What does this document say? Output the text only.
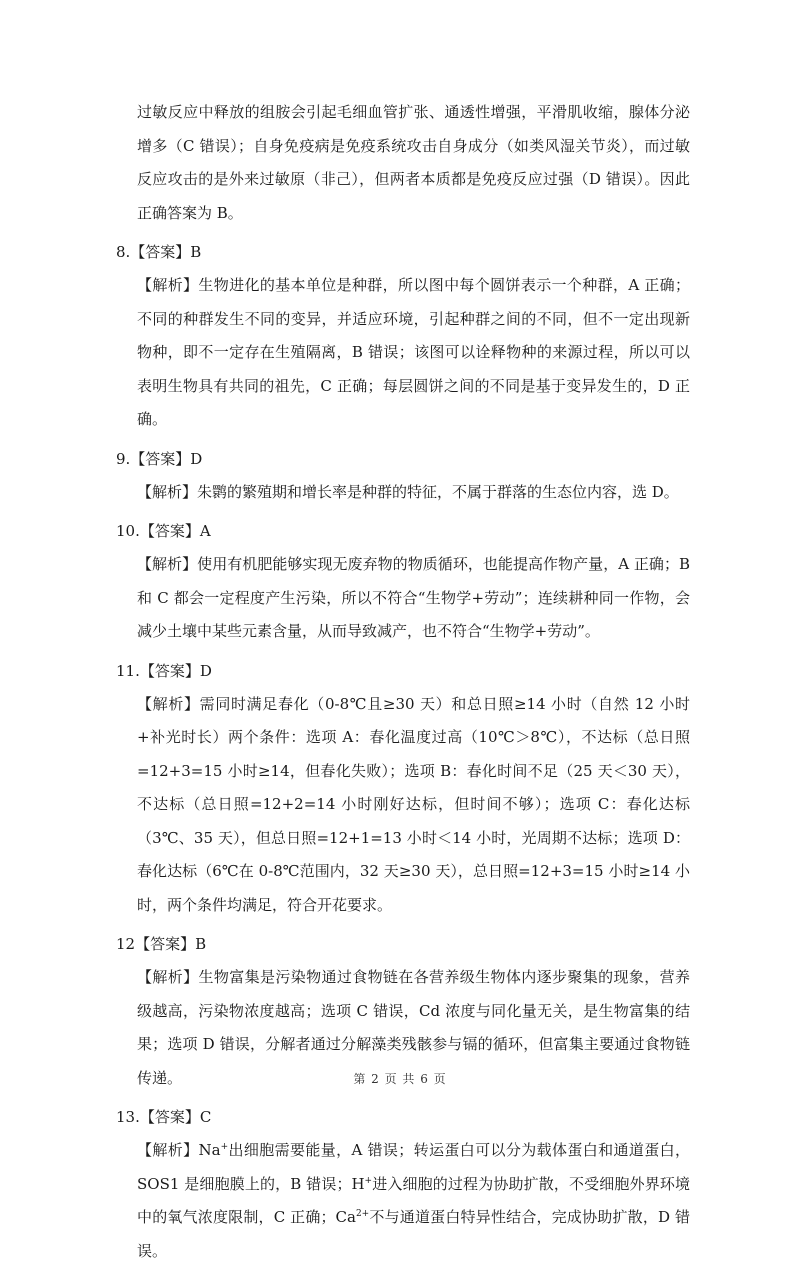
过敏反应中释放的组胺会引起毛细血管扩张、通透性增强，平滑肌收缩，腺体分泌增多（C 错误）；自身免疫病是免疫系统攻击自身成分（如类风湿关节炎），而过敏反应攻击的是外来过敏原（非己），但两者本质都是免疫反应过强（D 错误）。因此正确答案为 B。

8.【答案】B

【解析】生物进化的基本单位是种群，所以图中每个圆饼表示一个种群，A 正确；不同的种群发生不同的变异，并适应环境，引起种群之间的不同，但不一定出现新物种，即不一定存在生殖隔离，B 错误；该图可以诠释物种的来源过程，所以可以表明生物具有共同的祖先，C 正确；每层圆饼之间的不同是基于变异发生的，D 正确。

9.【答案】D

【解析】朱鹮的繁殖期和增长率是种群的特征，不属于群落的生态位内容，选 D。

10.【答案】A

【解析】使用有机肥能够实现无废弃物的物质循环，也能提高作物产量，A 正确；B 和 C 都会一定程度产生污染，所以不符合“生物学+劳动”；连续耕种同一作物，会减少土壤中某些元素含量，从而导致减产，也不符合“生物学+劳动”。

11.【答案】D

【解析】需同时满足春化（0-8℃且≥30 天）和总日照≥14 小时（自然 12 小时+补光时长）两个条件：选项 A：春化温度过高（10℃＞8℃），不达标（总日照=12+3=15 小时≥14，但春化失败）；选项 B：春化时间不足（25 天＜30 天），不达标（总日照=12+2=14 小时刚好达标，但时间不够）；选项 C：春化达标（3℃、35 天），但总日照=12+1=13 小时＜14 小时，光周期不达标；选项 D：春化达标（6℃在 0-8℃范围内，32 天≥30 天），总日照=12+3=15 小时≥14 小时，两个条件均满足，符合开花要求。

12【答案】B

【解析】生物富集是污染物通过食物链在各营养级生物体内逐步聚集的现象，营养级越高，污染物浓度越高；选项 C 错误，Cd 浓度与同化量无关，是生物富集的结果；选项 D 错误，分解者通过分解藻类残骸参与镉的循环，但富集主要通过食物链传递。

13.【答案】C

【解析】Na+出细胞需要能量，A 错误；转运蛋白可以分为载体蛋白和通道蛋白，SOS1 是细胞膜上的，B 错误；H+进入细胞的过程为协助扩散，不受细胞外界环境中的氧气浓度限制，C 正确；$Ca^{2+}$不与通道蛋白特异性结合，完成协助扩散，D 错误。

第 2 页 共 6 页
